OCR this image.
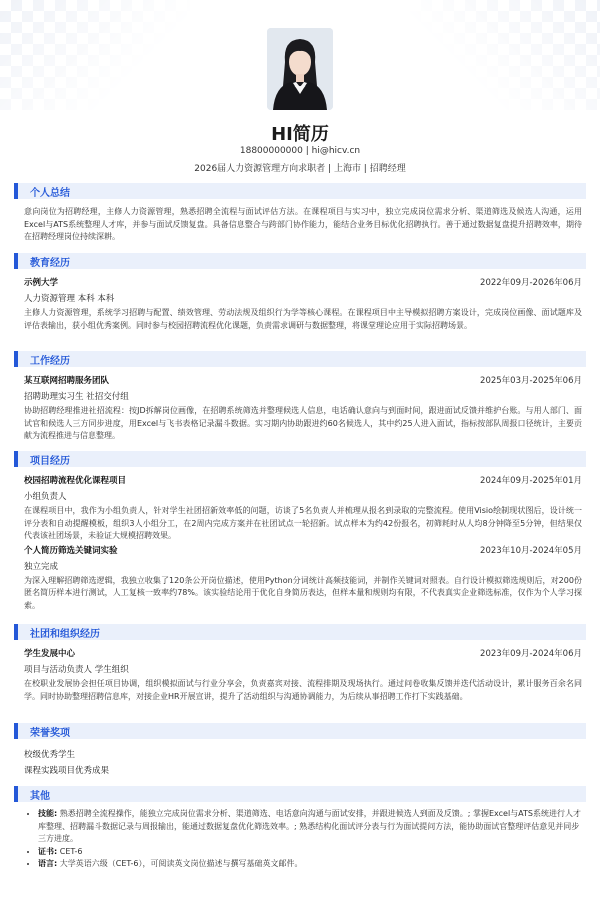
HI简历
18800000000 | hi@hicv.cn
2026届人力资源管理方向求职者 | 上海市 | 招聘经理
个人总结
意向岗位为招聘经理，主修人力资源管理，熟悉招聘全流程与面试评估方法。在课程项目与实习中，独立完成岗位需求分析、渠道筛选及候选人沟通，运用Excel与ATS系统整理人才库，并参与面试反馈复盘。具备信息整合与跨部门协作能力，能结合业务目标优化招聘执行。善于通过数据复盘提升招聘效率，期待在招聘经理岗位持续深耕。
教育经历
示例大学	2022年09月-2026年06月
人力资源管理 本科 本科
主修人力资源管理，系统学习招聘与配置、绩效管理、劳动法规及组织行为学等核心课程。在课程项目中主导模拟招聘方案设计，完成岗位画像、面试题库及评估表输出，获小组优秀案例。同时参与校园招聘流程优化课题，负责需求调研与数据整理，将课堂理论应用于实际招聘场景。
工作经历
某互联网招聘服务团队	2025年03月-2025年06月
招聘助理实习生 社招交付组
协助招聘经理推进社招流程：按JD拆解岗位画像，在招聘系统筛选并整理候选人信息，电话确认意向与到面时间，跟进面试反馈并维护台账。与用人部门、面试官和候选人三方同步进度，用Excel与飞书表格记录漏斗数据。实习期内协助跟进约60名候选人，其中约25人进入面试，指标按部队周报口径统计，主要贡献为流程推进与信息整理。
项目经历
校园招聘流程优化课程项目	2024年09月-2025年01月
小组负责人
在课程项目中，我作为小组负责人，针对学生社团招新效率低的问题，访谈了5名负责人并梳理从报名到录取的完整流程。使用Visio绘制现状图后，设计统一评分表和自动提醒模板，组织3人小组分工，在2周内完成方案并在社团试点一轮招新。试点样本为约42份报名，初筛耗时从人均8分钟降至5分钟，但结果仅代表该社团场景，未验证大规模招聘效果。
个人简历筛选关键词实验	2023年10月-2024年05月
独立完成
为深入理解招聘筛选逻辑，我独立收集了120条公开岗位描述，使用Python分词统计高频技能词，并制作关键词对照表。自行设计模拟筛选规则后，对200份匿名简历样本进行测试，人工复核一致率约78%。该实验结论用于优化自身简历表达，但样本量和规则均有限，不代表真实企业筛选标准，仅作为个人学习探索。
社团和组织经历
学生发展中心	2023年09月-2024年06月
项目与活动负责人 学生组织
在校职业发展协会担任项目协调，组织模拟面试与行业分享会，负责嘉宾对接、流程排期及现场执行。通过问卷收集反馈并迭代活动设计，累计服务百余名同学。同时协助整理招聘信息库，对接企业HR开展宣讲，提升了活动组织与沟通协调能力，为后续从事招聘工作打下实践基础。
荣誉奖项
校级优秀学生
课程实践项目优秀成果
其他
• 技能: 熟悉招聘全流程操作，能独立完成岗位需求分析、渠道筛选、电话意向沟通与面试安排，并跟进候选人到面及反馈。; 掌握Excel与ATS系统进行人才库整理、招聘漏斗数据记录与周报输出，能通过数据复盘优化筛选效率。; 熟悉结构化面试评分表与行为面试提问方法，能协助面试官整理评估意见并同步三方进度。
• 证书: CET-6
• 语言: 大学英语六级（CET-6），可阅读英文岗位描述与撰写基础英文邮件。
